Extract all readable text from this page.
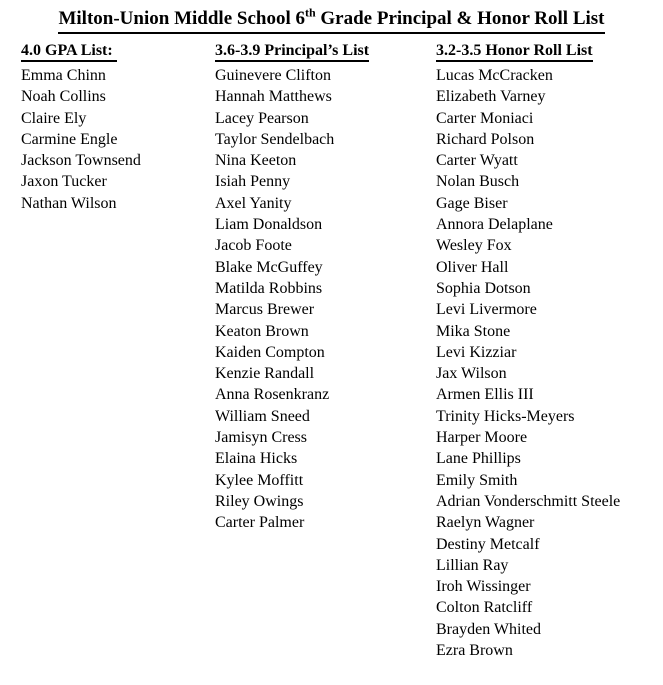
Milton-Union Middle School 6th Grade Principal & Honor Roll List
4.0 GPA List:
Emma Chinn
Noah Collins
Claire Ely
Carmine Engle
Jackson Townsend
Jaxon Tucker
Nathan Wilson
3.6-3.9 Principal’s List
Guinevere Clifton
Hannah Matthews
Lacey Pearson
Taylor Sendelbach
Nina Keeton
Isiah Penny
Axel Yanity
Liam Donaldson
Jacob Foote
Blake McGuffey
Matilda Robbins
Marcus Brewer
Keaton Brown
Kaiden Compton
Kenzie Randall
Anna Rosenkranz
William Sneed
Jamisyn Cress
Elaina Hicks
Kylee Moffitt
Riley Owings
Carter Palmer
3.2-3.5 Honor Roll List
Lucas McCracken
Elizabeth Varney
Carter Moniaci
Richard Polson
Carter Wyatt
Nolan Busch
Gage Biser
Annora Delaplane
Wesley Fox
Oliver Hall
Sophia Dotson
Levi Livermore
Mika Stone
Levi Kizziar
Jax Wilson
Armen Ellis III
Trinity Hicks-Meyers
Harper Moore
Lane Phillips
Emily Smith
Adrian Vonderschmitt Steele
Raelyn Wagner
Destiny Metcalf
Lillian Ray
Iroh Wissinger
Colton Ratcliff
Brayden Whited
Ezra Brown
